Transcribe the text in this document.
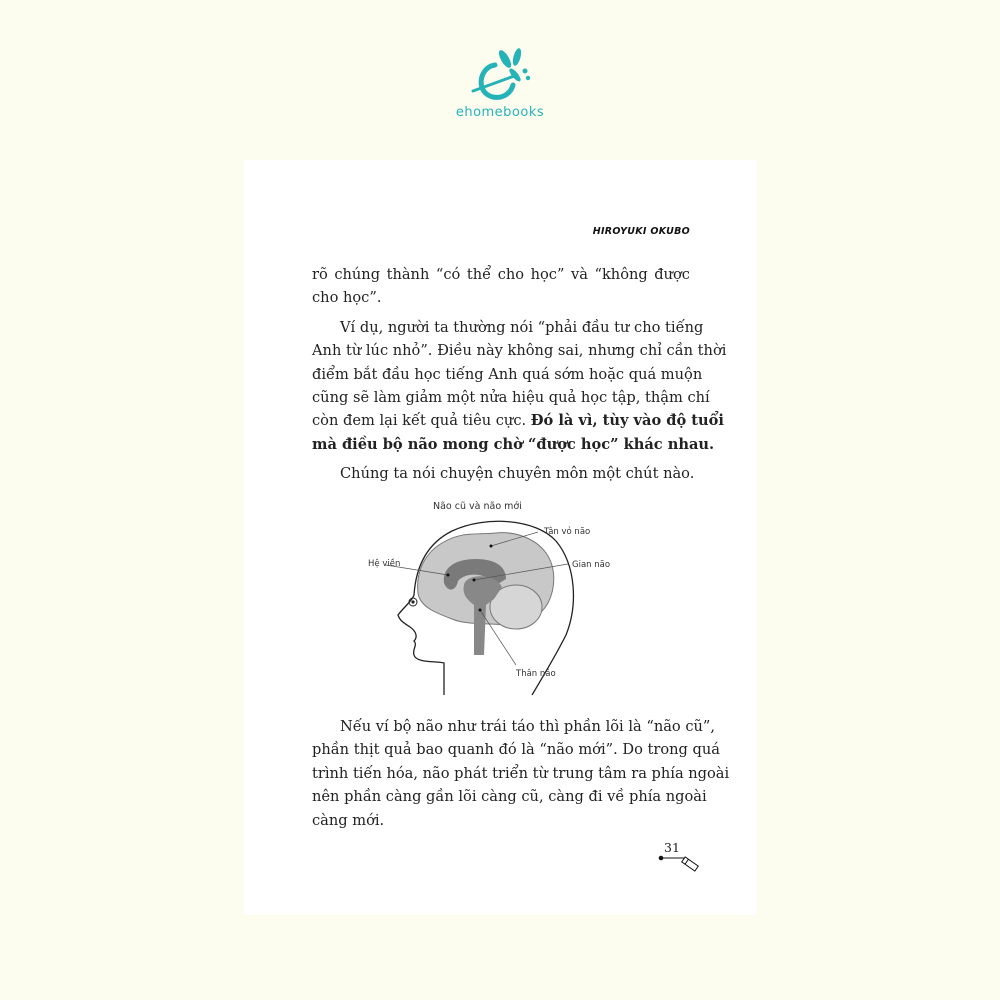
ehomebooks
HIROYUKI OKUBO
rõ chúng thành “có thể cho học” và “không được
cho học”.
Ví dụ, người ta thường nói “phải đầu tư cho tiếng
Anh từ lúc nhỏ”. Điều này không sai, nhưng chỉ cần thời
điểm bắt đầu học tiếng Anh quá sớm hoặc quá muộn
cũng sẽ làm giảm một nửa hiệu quả học tập, thậm chí
còn đem lại kết quả tiêu cực. Đó là vì, tùy vào độ tuổi
mà điều bộ não mong chờ “được học” khác nhau.
Chúng ta nói chuyện chuyên môn một chút nào.
Não cũ và não mới
Tân vỏ não
Hệ viền	Gian não
Thân não
Nếu ví bộ não như trái táo thì phần lõi là “não cũ”,
phần thịt quả bao quanh đó là “não mới”. Do trong quá
trình tiến hóa, não phát triển từ trung tâm ra phía ngoài
nên phần càng gần lõi càng cũ, càng đi về phía ngoài
càng mới.
31
